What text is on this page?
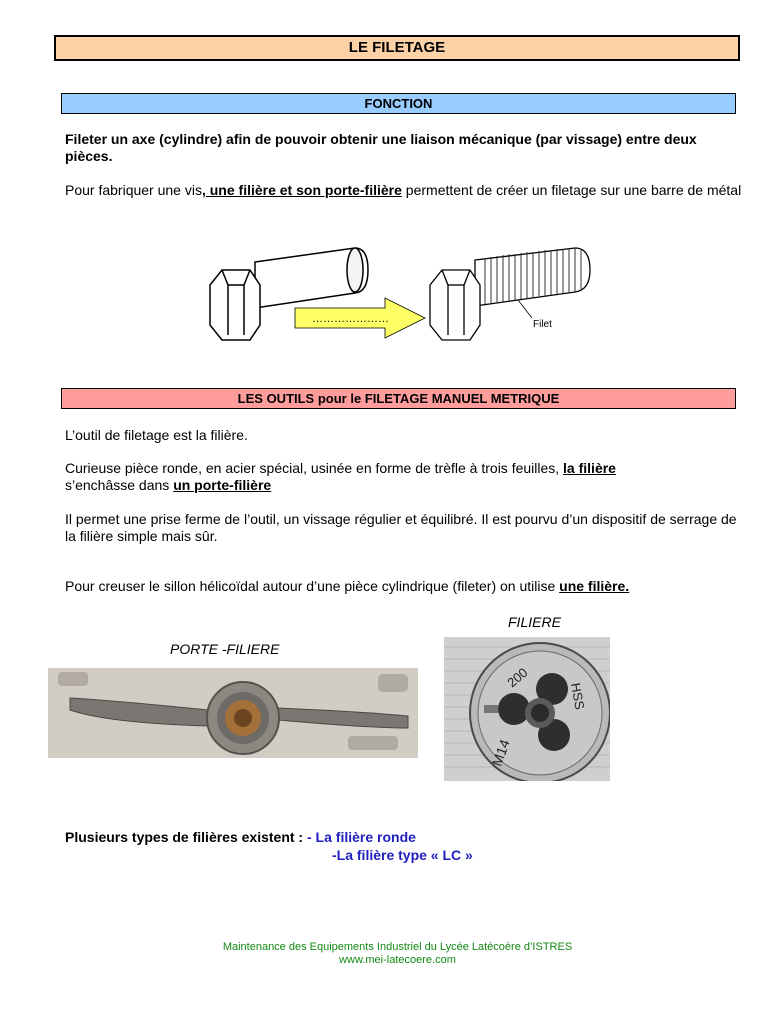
LE FILETAGE
FONCTION

Fileter un axe (cylindre) afin de pouvoir obtenir une liaison mécanique (par vissage) entre deux pièces.

Pour fabriquer une vis, une filière et son porte-filière permettent de créer un filetage sur une barre de métal

…………………	Filet
LES OUTILS pour le FILETAGE MANUEL METRIQUE

L’outil de filetage est la filière.

Curieuse pièce ronde, en acier spécial, usinée en forme de trèfle à trois feuilles, la filière
s’enchâsse dans un porte-filière

Il permet une prise ferme de l’outil, un vissage régulier et équilibré. Il est pourvu d’un dispositif de serrage de la filière simple mais sûr.

Pour creuser le sillon hélicoïdal autour d’une pièce cylindrique (fileter) on utilise une filière.

FILIERE
PORTE -FILIERE
200
HSS
M14

Plusieurs types de filières existent : - La filière ronde

-La filière type « LC »

Maintenance des Equipements Industriel du Lycée Latécoère d’ISTRES
www.mei-latecoere.com
